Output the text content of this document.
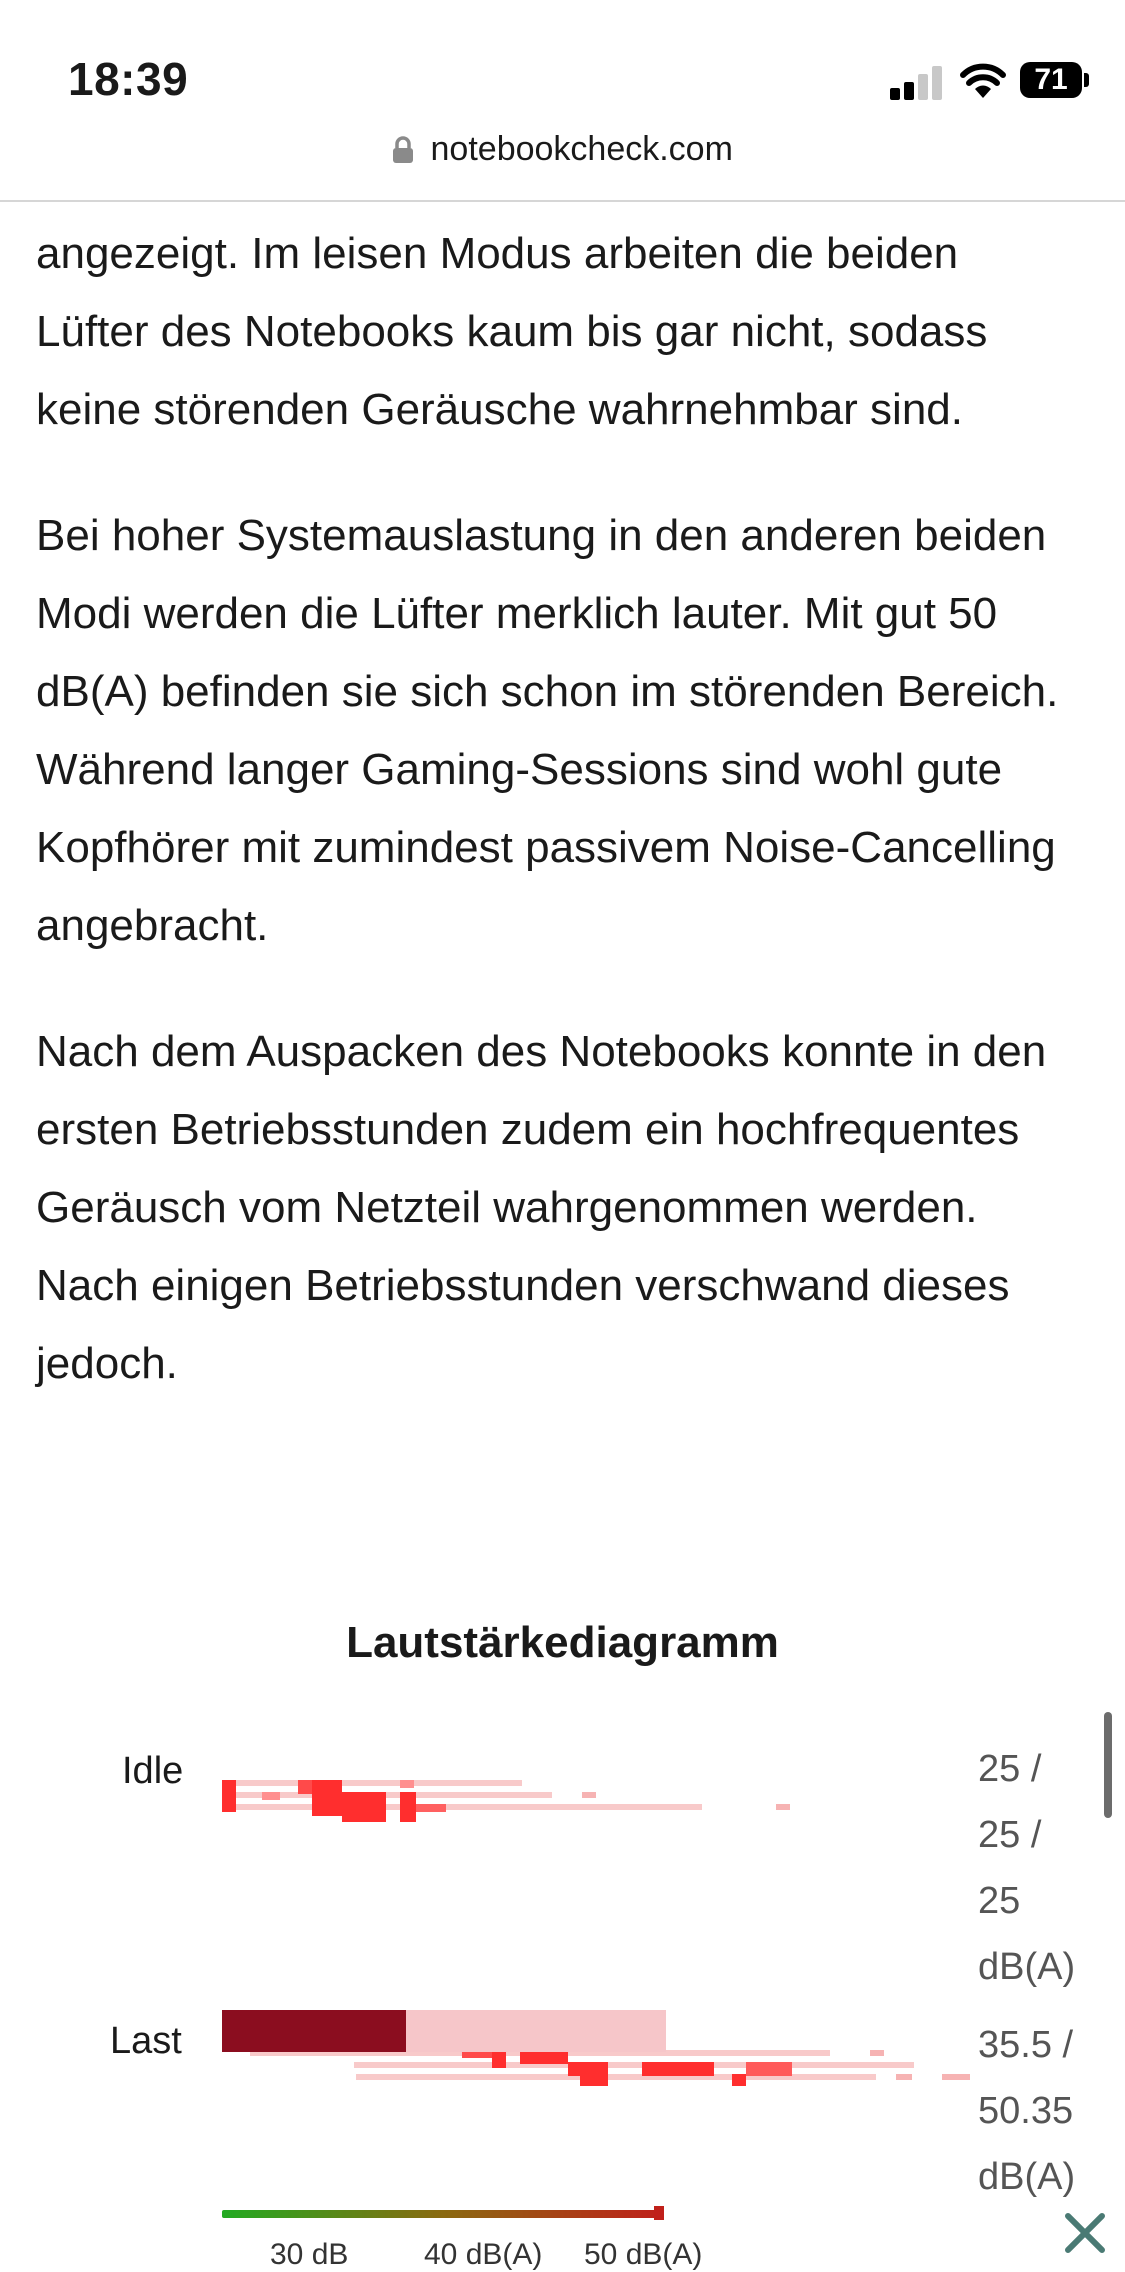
18:39	71
notebookcheck.com

angezeigt. Im leisen Modus arbeiten die beiden Lüfter des Notebooks kaum bis gar nicht, sodass keine störenden Geräusche wahrnehmbar sind.

Bei hoher Systemauslastung in den anderen beiden Modi werden die Lüfter merklich lauter. Mit gut 50 dB(A) befinden sie sich schon im störenden Bereich. Während langer Gaming-Sessions sind wohl gute Kopfhörer mit zumindest passivem Noise-Cancelling angebracht.

Nach dem Auspacken des Notebooks konnte in den ersten Betriebsstunden zudem ein hochfrequentes Geräusch vom Netzteil wahrgenommen werden. Nach einigen Betriebsstunden verschwand dieses jedoch.

Lautstärkediagramm
Idle
Last
25 /
25 /
25
dB(A)
35.5 /
50.35
dB(A)
30 dB	40 dB(A) 50 dB(A)
